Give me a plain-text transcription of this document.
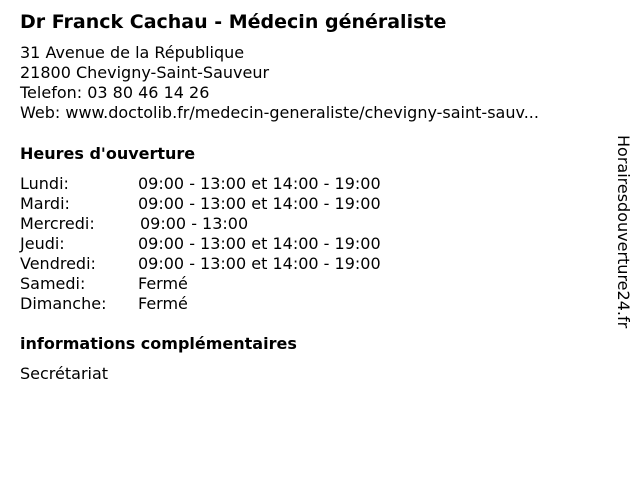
Dr Franck Cachau - Médecin généraliste
31 Avenue de la République
21800 Chevigny-Saint-Sauveur
Telefon: 03 80 46 14 26
Web: www.doctolib.fr/medecin-generaliste/chevigny-saint-sauv...
Heures d'ouverture
Lundi:	09:00 - 13:00 et 14:00 - 19:00
Mardi:	09:00 - 13:00 et 14:00 - 19:00
Mercredi:	09:00 - 13:00
Jeudi:	09:00 - 13:00 et 14:00 - 19:00
Vendredi:	09:00 - 13:00 et 14:00 - 19:00
Samedi:	Fermé
Dimanche: Fermé
informations complémentaires
Secrétariat
Horairesdouverture24.fr
